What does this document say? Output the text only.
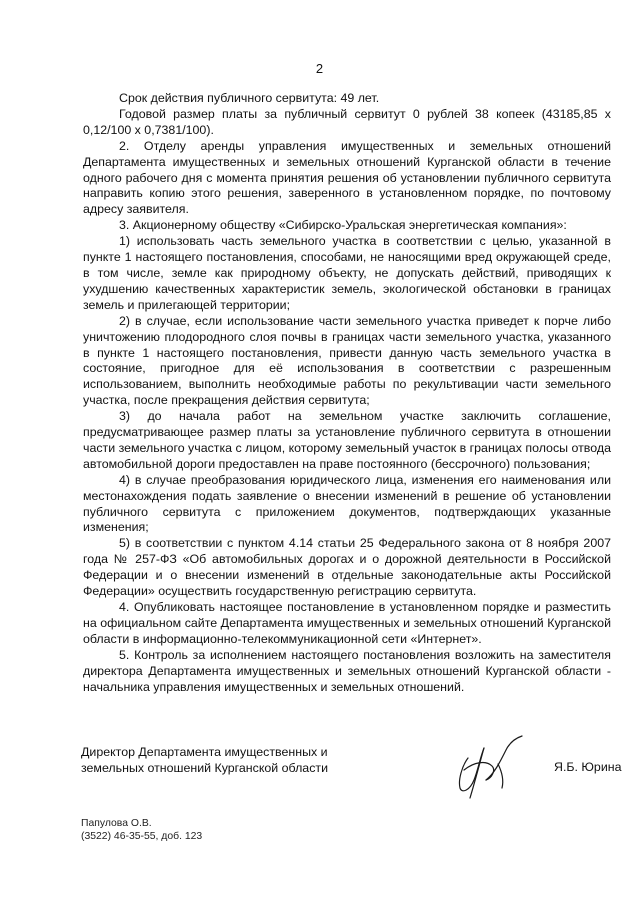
2

Срок действия публичного сервитута: 49 лет.

Годовой размер платы за публичный сервитут 0 рублей 38 копеек (43185,85 х 0,12/100 х 0,7381/100).

2. Отделу аренды управления имущественных и земельных отношений Департамента имущественных и земельных отношений Курганской области в течение одного рабочего дня с момента принятия решения об установлении публичного сервитута направить копию этого решения, заверенного в установленном порядке, по почтовому адресу заявителя.

3. Акционерному обществу «Сибирско-Уральская энергетическая компания»:

1) использовать часть земельного участка в соответствии с целью, указанной в пункте 1 настоящего постановления, способами, не наносящими вред окружающей среде, в том числе, земле как природному объекту, не допускать действий, приводящих к ухудшению качественных характеристик земель, экологической обстановки в границах земель и прилегающей территории;

2) в случае, если использование части земельного участка приведет к порче либо уничтожению плодородного слоя почвы в границах части земельного участка, указанного в пункте 1 настоящего постановления, привести данную часть земельного участка в состояние, пригодное для её использования в соответствии с разрешенным использованием, выполнить необходимые работы по рекультивации части земельного участка, после прекращения действия сервитута;

3) до начала работ на земельном участке заключить соглашение, предусматривающее размер платы за установление публичного сервитута в отношении части земельного участка с лицом, которому земельный участок в границах полосы отвода автомобильной дороги предоставлен на праве постоянного (бессрочного) пользования;

4) в случае преобразования юридического лица, изменения его наименования или местонахождения подать заявление о внесении изменений в решение об установлении публичного сервитута с приложением документов, подтверждающих указанные изменения;

5) в соответствии с пунктом 4.14 статьи 25 Федерального закона от 8 ноября 2007 года № 257-ФЗ «Об автомобильных дорогах и о дорожной деятельности в Российской Федерации и о внесении изменений в отдельные законодательные акты Российской Федерации» осуществить государственную регистрацию сервитута.

4. Опубликовать настоящее постановление в установленном порядке и разместить на официальном сайте Департамента имущественных и земельных отношений Курганской области в информационно-телекоммуникационной сети «Интернет».

5. Контроль за исполнением настоящего постановления возложить на заместителя директора Департамента имущественных и земельных отношений Курганской области - начальника управления имущественных и земельных отношений.

Директор Департамента имущественных и
земельных отношений Курганской области	Я.Б. Юрина
Папулова О.В.
(3522) 46-35-55, доб. 123
